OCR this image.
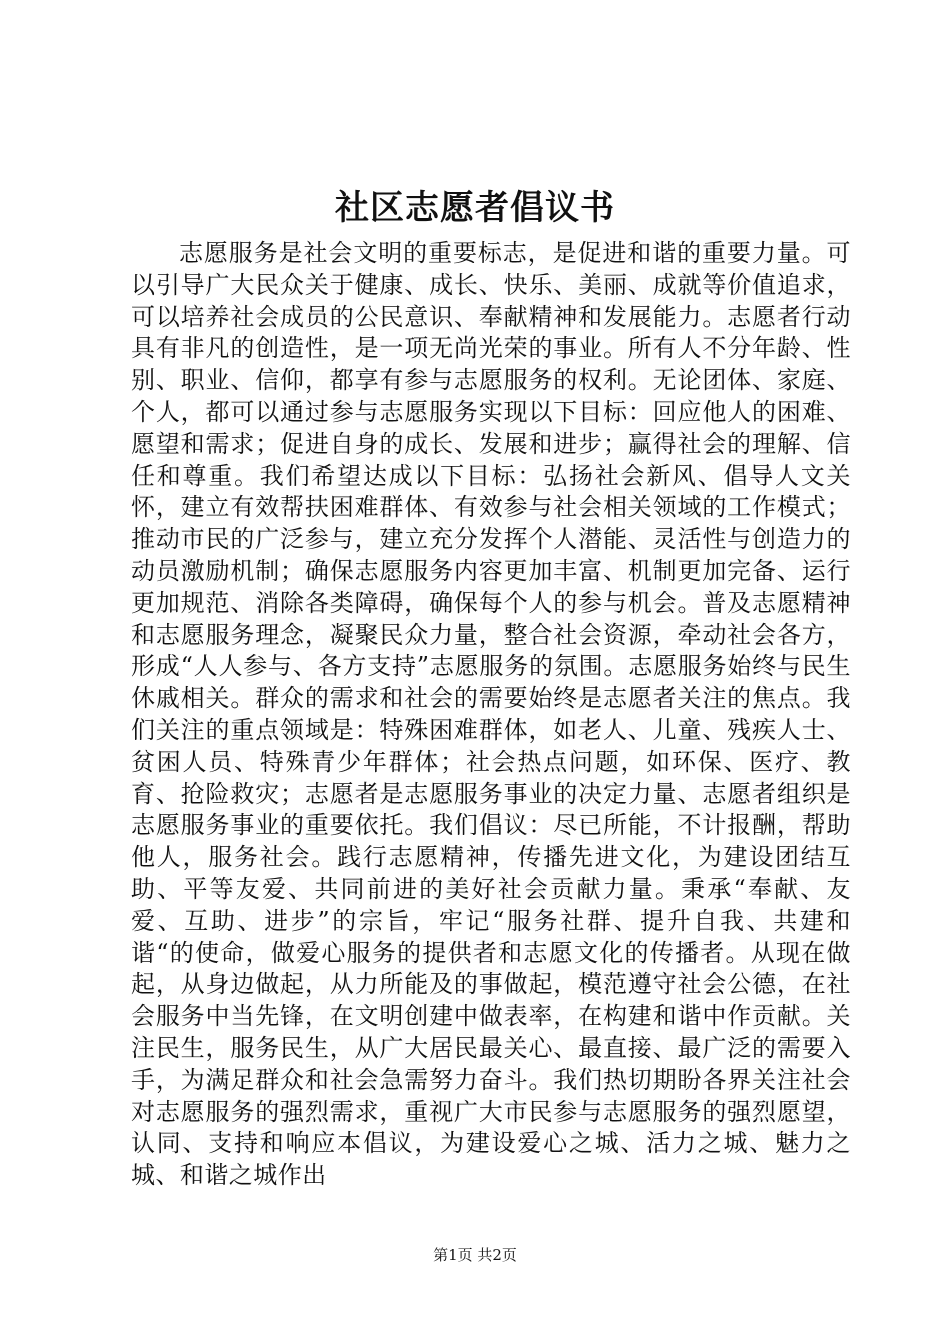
社区志愿者倡议书

志愿服务是社会文明的重要标志，是促进和谐的重要力量。可以引导广大民众关于健康、成长、快乐、美丽、成就等价值追求，可以培养社会成员的公民意识、奉献精神和发展能力。志愿者行动具有非凡的创造性，是一项无尚光荣的事业。所有人不分年龄、性别、职业、信仰，都享有参与志愿服务的权利。无论团体、家庭、个人，都可以通过参与志愿服务实现以下目标：回应他人的困难、愿望和需求；促进自身的成长、发展和进步；赢得社会的理解、信任和尊重。我们希望达成以下目标：弘扬社会新风、倡导人文关怀，建立有效帮扶困难群体、有效参与社会相关领域的工作模式；推动市民的广泛参与，建立充分发挥个人潜能、灵活性与创造力的动员激励机制；确保志愿服务内容更加丰富、机制更加完备、运行更加规范、消除各类障碍，确保每个人的参与机会。普及志愿精神和志愿服务理念，凝聚民众力量，整合社会资源，牵动社会各方，形成“人人参与、各方支持”志愿服务的氛围。志愿服务始终与民生休戚相关。群众的需求和社会的需要始终是志愿者关注的焦点。我们关注的重点领域是：特殊困难群体，如老人、儿童、残疾人士、贫困人员、特殊青少年群体；社会热点问题，如环保、医疗、教育、抢险救灾；志愿者是志愿服务事业的决定力量、志愿者组织是志愿服务事业的重要依托。我们倡议：尽已所能，不计报酬，帮助他人，服务社会。践行志愿精神，传播先进文化，为建设团结互助、平等友爱、共同前进的美好社会贡献力量。秉承“奉献、友爱、互助、进步”的宗旨，牢记“服务社群、提升自我、共建和谐“的使命，做爱心服务的提供者和志愿文化的传播者。从现在做起，从身边做起，从力所能及的事做起，模范遵守社会公德，在社会服务中当先锋，在文明创建中做表率，在构建和谐中作贡献。关注民生，服务民生，从广大居民最关心、最直接、最广泛的需要入手，为满足群众和社会急需努力奋斗。我们热切期盼各界关注社会对志愿服务的强烈需求，重视广大市民参与志愿服务的强烈愿望，认同、支持和响应本倡议，为建设爱心之城、活力之城、魅力之城、和谐之城作出

第1页 共2页
